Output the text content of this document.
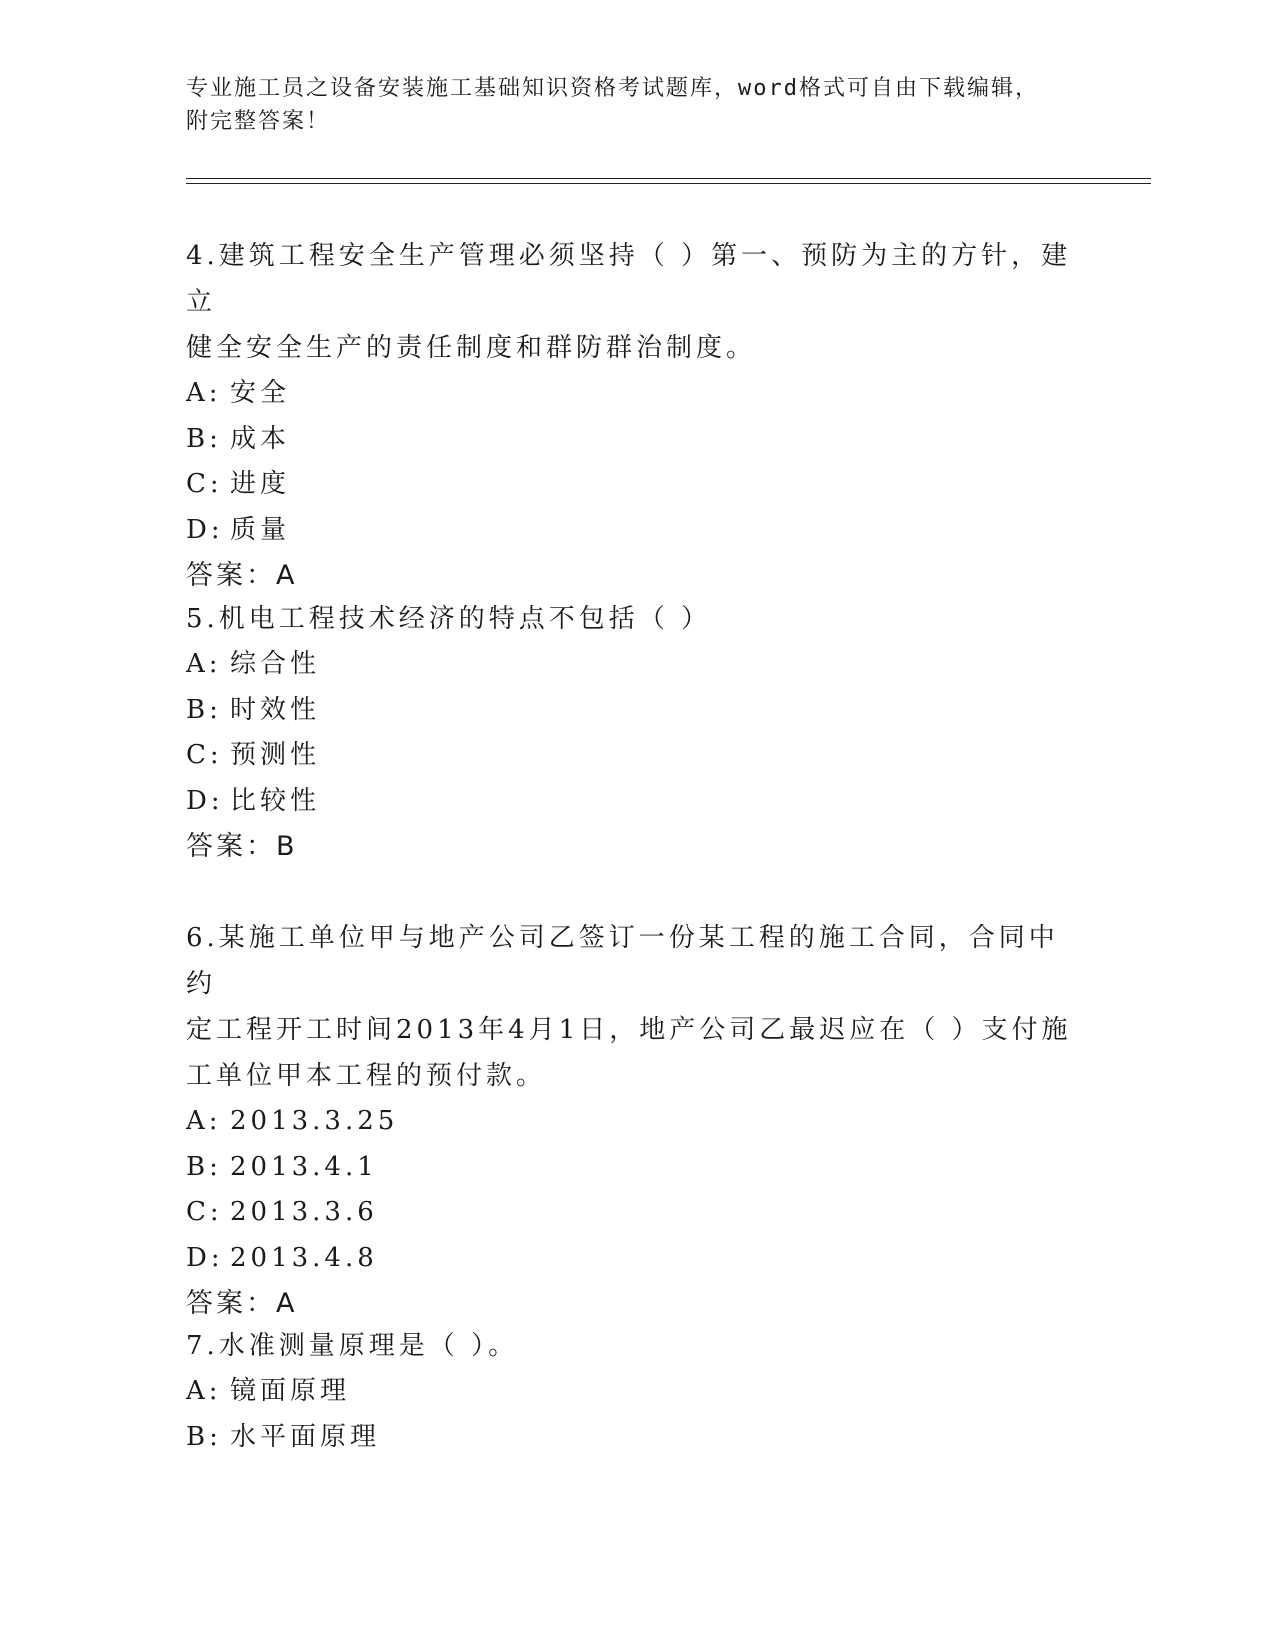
专业施工员之设备安装施工基础知识资格考试题库，word格式可自由下载编辑，
附完整答案！
4.建筑工程安全生产管理必须坚持（ ）第一、预防为主的方针，建立
健全安全生产的责任制度和群防群治制度。
A: 安全
B: 成本
C: 进度
D: 质量
答案：A
5.机电工程技术经济的特点不包括（ ）
A: 综合性
B: 时效性
C: 预测性
D: 比较性
答案：B
6.某施工单位甲与地产公司乙签订一份某工程的施工合同，合同中约
定工程开工时间2013年4月1日，地产公司乙最迟应在（ ）支付施
工单位甲本工程的预付款。
A: 2013.3.25
B: 2013.4.1
C: 2013.3.6
D: 2013.4.8
答案：A
7.水准测量原理是（ ）。
A: 镜面原理
B: 水平面原理
